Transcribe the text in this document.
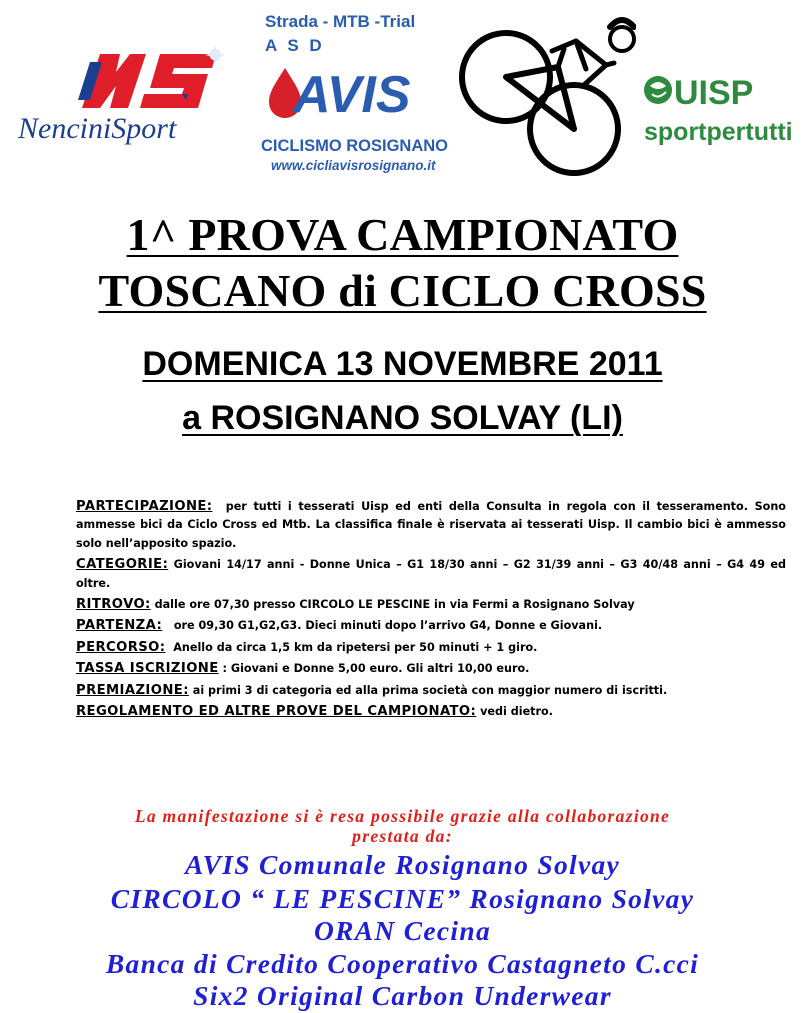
NenciniSport
Strada - MTB -Trial
A S D
AVIS
CICLISMO ROSIGNANO
www.cicliavisrosignano.it
UISP
sportpertutti
1^ PROVA CAMPIONATO
TOSCANO di CICLO CROSS
DOMENICA 13 NOVEMBRE 2011
a ROSIGNANO SOLVAY (LI)

PARTECIPAZIONE:  per tutti i tesserati Uisp ed enti della Consulta in regola con il tesseramento. Sono ammesse bici da Ciclo Cross ed Mtb. La classifica finale è riservata ai tesserati Uisp. Il cambio bici è ammesso solo nell’apposito spazio.

CATEGORIE: Giovani 14/17 anni - Donne Unica – G1 18/30 anni – G2 31/39 anni – G3 40/48 anni – G4 49 ed oltre.

RITROVO: dalle ore 07,30 presso CIRCOLO LE PESCINE in via Fermi a Rosignano Solvay

PARTENZA:   ore 09,30 G1,G2,G3. Dieci minuti dopo l’arrivo G4, Donne e Giovani.

PERCORSO:  Anello da circa 1,5 km da ripetersi per 50 minuti + 1 giro.

TASSA ISCRIZIONE : Giovani e Donne 5,00 euro. Gli altri 10,00 euro.

PREMIAZIONE: ai primi 3 di categoria ed alla prima società con maggior numero di iscritti.

REGOLAMENTO ED ALTRE PROVE DEL CAMPIONATO: vedi dietro.

La manifestazione si è resa possibile grazie alla collaborazione
prestata da:
AVIS Comunale Rosignano Solvay
CIRCOLO “ LE PESCINE” Rosignano Solvay
ORAN Cecina
Banca di Credito Cooperativo Castagneto C.cci
Six2 Original Carbon Underwear
